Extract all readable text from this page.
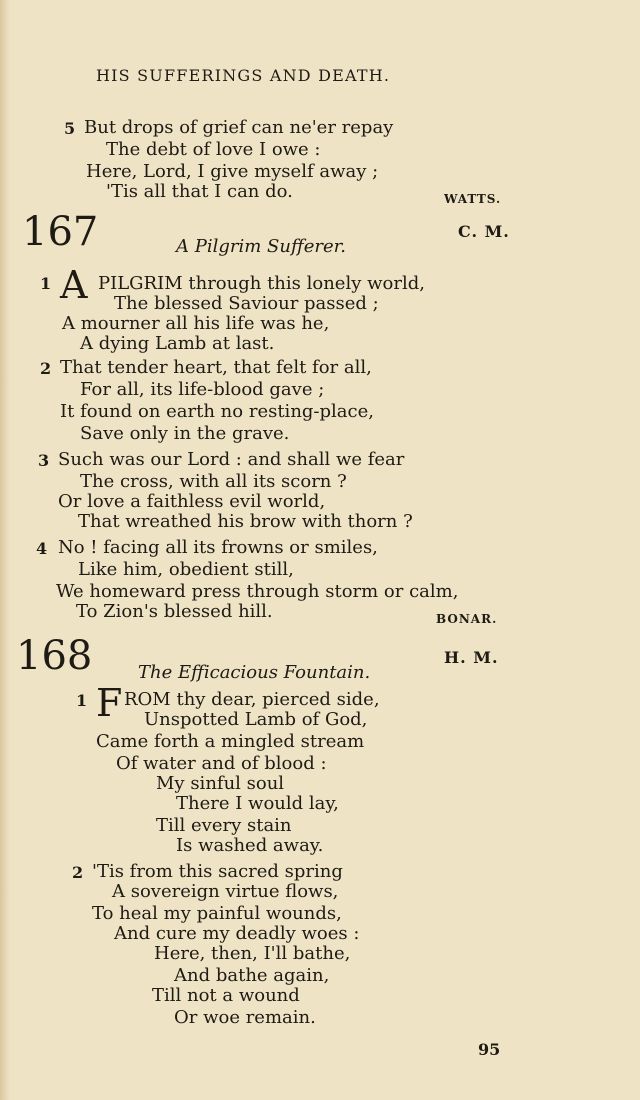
HIS SUFFERINGS AND DEATH.
5 But drops of grief can ne'er repay
The debt of love I owe :
Here, Lord, I give myself away ;
'Tis all that I can do.	WATTS.
167	C. M.
A Pilgrim Sufferer.
1 A PILGRIM through this lonely world,
The blessed Saviour passed ;
A mourner all his life was he,
A dying Lamb at last.
2 That tender heart, that felt for all,
For all, its life-blood gave ;
It found on earth no resting-place,
Save only in the grave.
3 Such was our Lord : and shall we fear
The cross, with all its scorn ?
Or love a faithless evil world,
That wreathed his brow with thorn ?
4 No ! facing all its frowns or smiles,
Like him, obedient still,
We homeward press through storm or calm,
To Zion's blessed hill.	BONAR.
168	H. M.
The Efficacious Fountain.
1 F ROM thy dear, pierced side,
Unspotted Lamb of God,
Came forth a mingled stream
Of water and of blood :
My sinful soul
There I would lay,
Till every stain
Is washed away.
2 'Tis from this sacred spring
A sovereign virtue flows,
To heal my painful wounds,
And cure my deadly woes :
Here, then, I'll bathe,
And bathe again,
Till not a wound
Or woe remain.
95
